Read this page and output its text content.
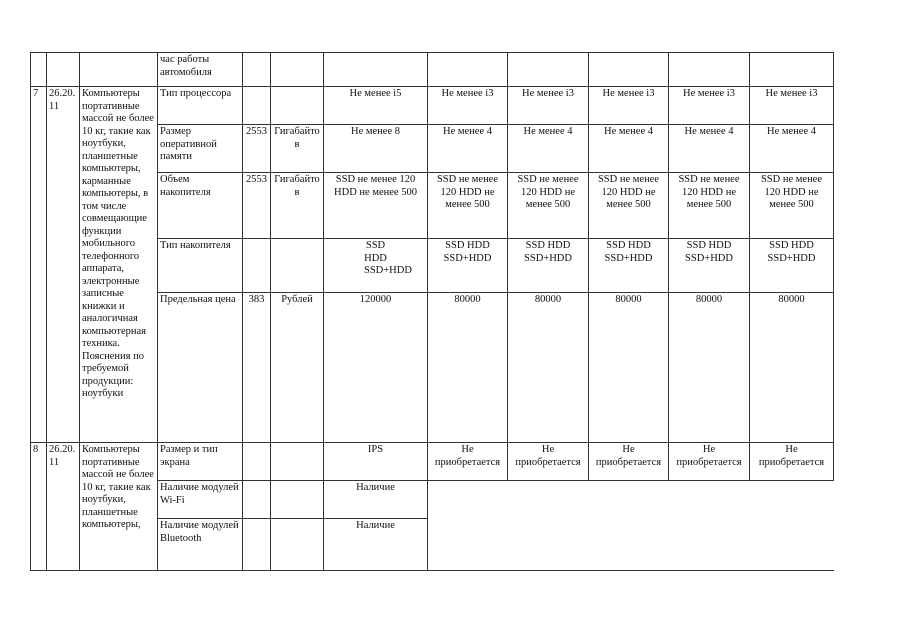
			час работы автомобиля								
7	26.20.11	Компьютеры портативные массой не более 10 кг, такие как ноутбуки, планшетные компьютеры, карманные компьютеры, в том числе совмещающие функции мобильного телефонного аппарата, электронные записные книжки и аналогичная компьютерная техника. Пояснения по требуемой продукции: ноутбуки	Тип процессора			Не менее i5	Не менее i3	Не менее i3	Не менее i3	Не менее i3	Не менее i3
			Размер оперативной памяти	2553	Гигабайтов	Не менее 8	Не менее 4	Не менее 4	Не менее 4	Не менее 4	Не менее 4
			Объем накопителя	2553	Гигабайтов	SSD не менее 120 HDD не менее 500	SSD не менее 120 HDD не менее 500	SSD не менее 120 HDD не менее 500	SSD не менее 120 HDD не менее 500	SSD не менее 120 HDD не менее 500	SSD не менее 120 HDD не менее 500
			Тип накопителя			SSD HDD SSD+HDD	SSD HDD SSD+HDD	SSD HDD SSD+HDD	SSD HDD SSD+HDD	SSD HDD SSD+HDD	SSD HDD SSD+HDD
			Предельная цена	383	Рублей	120000	80000	80000	80000	80000	80000
8	26.20.11	Компьютеры портативные массой не более 10 кг, такие как ноутбуки, планшетные компьютеры,	Размер и тип экрана			IPS	Не приобретается	Не приобретается	Не приобретается	Не приобретается	Не приобретается
			Наличие модулей Wi-Fi			Наличие					
			Наличие модулей Bluetooth			Наличие					
